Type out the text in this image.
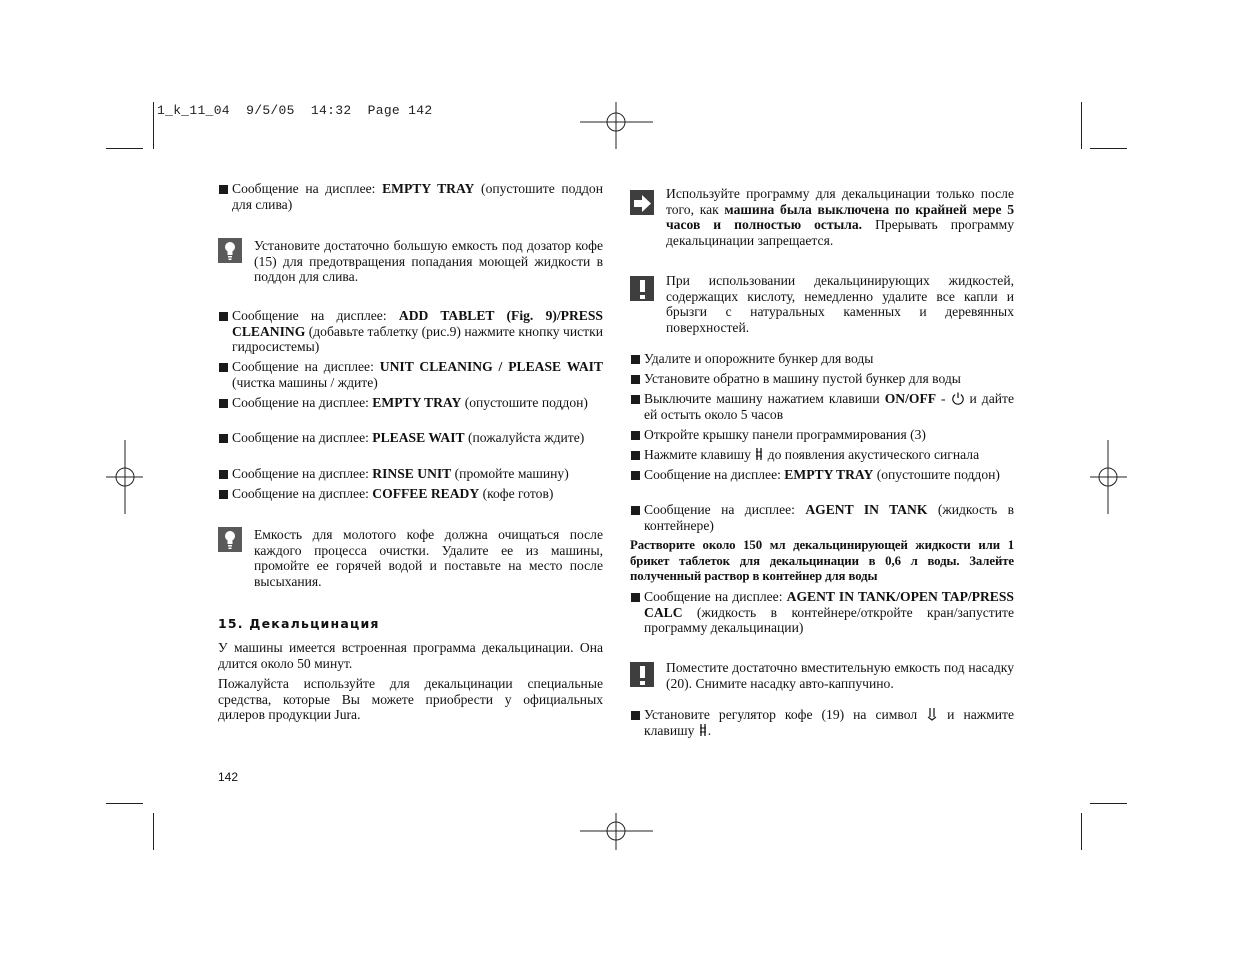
1_k_11_04  9/5/05  14:32  Page 142
Сообщение на дисплее: EMPTY TRAY (опустошите поддон для слива)
Установите достаточно большую емкость под дозатор кофе (15) для предотвращения попадания моющей жидкости в поддон для слива.
Сообщение на дисплее: ADD TABLET (Fig. 9)/PRESS CLEANING (добавьте таблетку (рис.9) нажмите кнопку чистки гидросистемы)
Сообщение на дисплее: UNIT CLEANING / PLEASE WAIT (чистка машины / ждите)
Сообщение на дисплее: EMPTY TRAY (опустошите поддон)
Сообщение на дисплее: PLEASE WAIT (пожалуйста ждите)
Сообщение на дисплее: RINSE UNIT (промойте машину)
Сообщение на дисплее: COFFEE READY (кофе готов)
Емкость для молотого кофе должна очищаться после каждого процесса очистки. Удалите ее из машины, промойте ее горячей водой и поставьте на место после высыхания.
15. Декальцинация
У машины имеется встроенная программа декальцинации. Она длится около 50 минут.
Пожалуйста используйте для декальцинации специальные средства, которые Вы можете приобрести у официальных дилеров продукции Jura.
142
Используйте программу для декальцинации только после того, как машина была выключена по крайней мере 5 часов и полностью остыла. Прерывать программу декальцинации запрещается.
При использовании декальцинирующих жидкостей, содержащих кислоту, немедленно удалите все капли и брызги с натуральных каменных и деревянных поверхностей.
Удалите и опорожните бункер для воды
Установите обратно в машину пустой бункер для воды
Выключите машину нажатием клавиши ON/OFF -  и дайте ей остыть около 5 часов
Откройте крышку панели программирования (3)
Нажмите клавишу  до появления акустического сигнала
Сообщение на дисплее: EMPTY TRAY (опустошите поддон)
Сообщение на дисплее: AGENT IN TANK (жидкость в контейнере)
Растворите около 150 мл декальцинирующей жидкости или 1 брикет таблеток для декальцинации в 0,6 л воды. Залейте полученный раствор в контейнер для воды
Сообщение на дисплее: AGENT IN TANK/OPEN TAP/PRESS CALC (жидкость в контейнере/откройте кран/запустите программу декальцинации)
Поместите достаточно вместительную емкость под насадку (20). Снимите насадку авто-каппучино.
Установите регулятор кофе (19) на символ  и нажмите клавишу .
